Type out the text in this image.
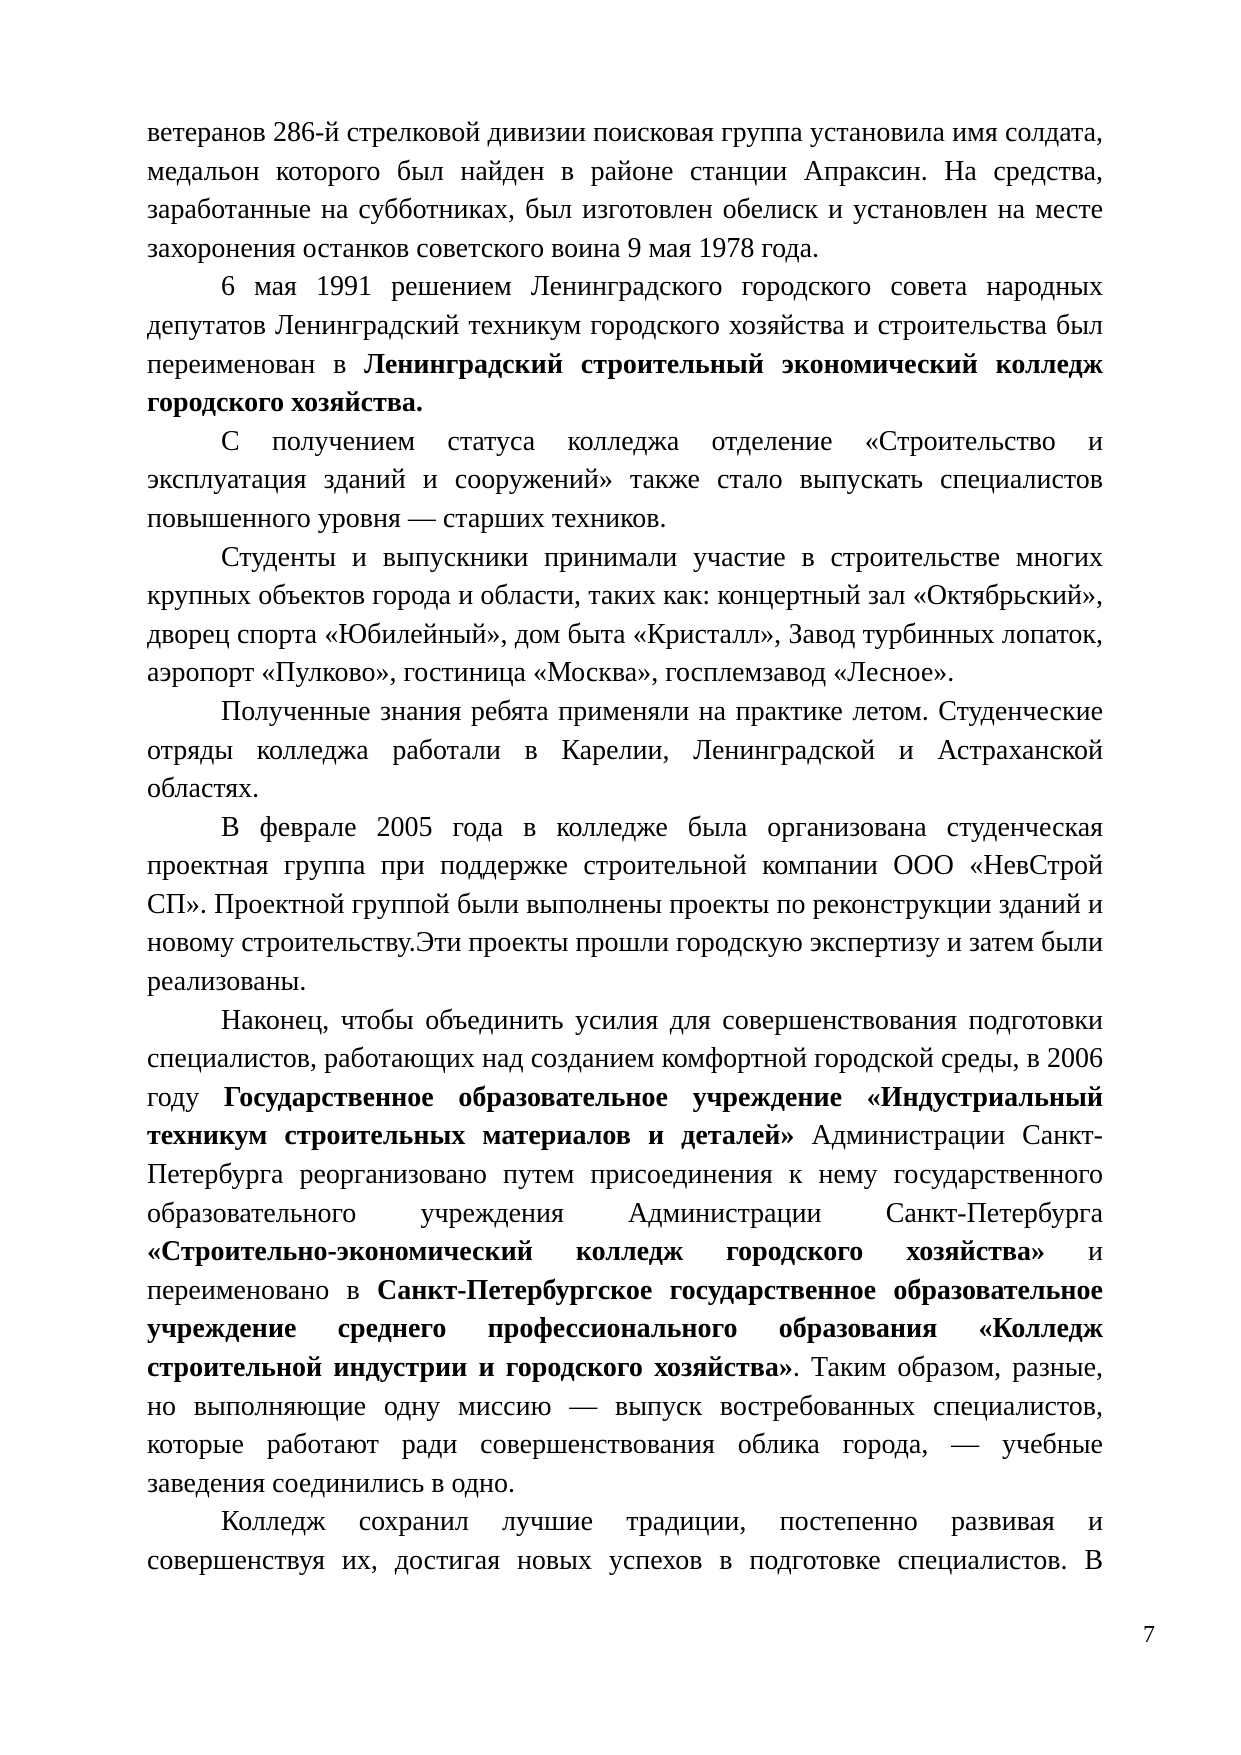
ветеранов 286-й стрелковой дивизии поисковая группа установила имя солдата, медальон которого был найден в районе станции Апраксин. На средства, заработанные на субботниках, был изготовлен обелиск и установлен на месте захоронения останков советского воина 9 мая 1978 года.

6 мая 1991 решением Ленинградского городского совета народных депутатов Ленинградский техникум городского хозяйства и строительства был переименован в Ленинградский строительный экономический колледж городского хозяйства.

С получением статуса колледжа отделение «Строительство и эксплуатация зданий и сооружений» также стало выпускать специалистов повышенного уровня — старших техников.

Студенты и выпускники принимали участие в строительстве многих крупных объектов города и области, таких как: концертный зал «Октябрьский», дворец спорта «Юбилейный», дом быта «Кристалл», Завод турбинных лопаток, аэропорт «Пулково», гостиница «Москва», госплемзавод «Лесное».

Полученные знания ребята применяли на практике летом. Студенческие отряды колледжа работали в Карелии, Ленинградской и Астраханской областях.

В феврале 2005 года в колледже была организована студенческая проектная группа при поддержке строительной компании ООО «НевСтрой СП». Проектной группой были выполнены проекты по реконструкции зданий и новому строительству.Эти проекты прошли городскую экспертизу и затем были реализованы.

Наконец, чтобы объединить усилия для совершенствования подготовки специалистов, работающих над созданием комфортной городской среды, в 2006 году Государственное образовательное учреждение «Индустриальный техникум строительных материалов и деталей» Администрации Санкт-Петербурга реорганизовано путем присоединения к нему государственного образовательного учреждения Администрации Санкт-Петербурга «Строительно-экономический колледж городского хозяйства» и переименовано в Санкт-Петербургское государственное образовательное учреждение среднего профессионального образования «Колледж строительной индустрии и городского хозяйства». Таким образом, разные, но выполняющие одну миссию — выпуск востребованных специалистов, которые работают ради совершенствования облика города, — учебные заведения соединились в одно.

Колледж сохранил лучшие традиции, постепенно развивая и совершенствуя их, достигая новых успехов в подготовке специалистов. В

7
